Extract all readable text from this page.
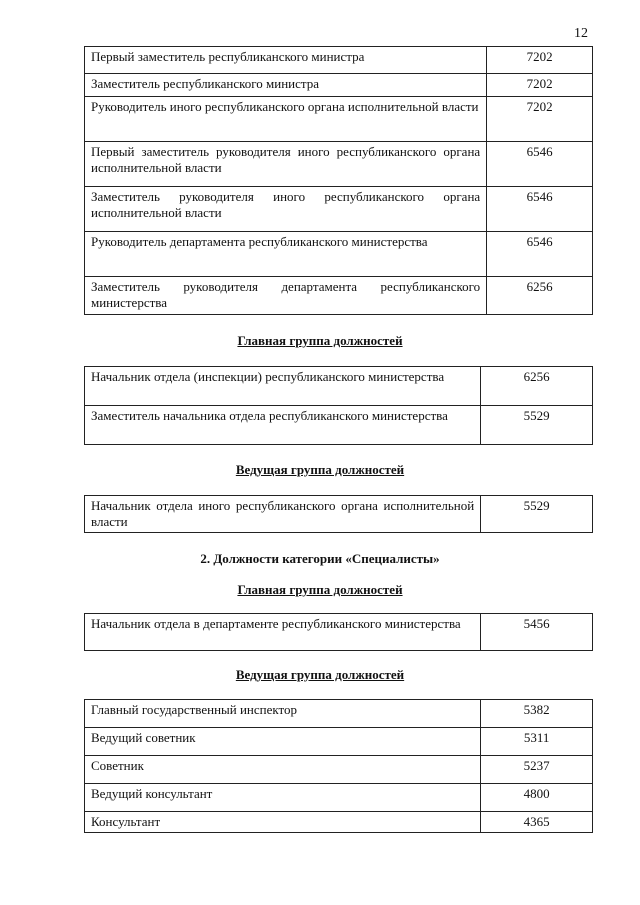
12
Первый заместитель республиканского министра	7202
Заместитель республиканского министра	7202
Руководитель иного республиканского органа исполнительной власти	7202
Первый заместитель руководителя иного республиканского органа исполнительной власти	6546
Заместитель руководителя иного республиканского органа исполнительной власти	6546
Руководитель департамента республиканского министерства	6546
Заместитель руководителя департамента республиканского министерства	6256
Главная группа должностей
Начальник отдела (инспекции) республиканского министерства	6256
Заместитель начальника отдела республиканского министерства	5529
Ведущая группа должностей
Начальник отдела иного республиканского органа исполнительной власти	5529
2. Должности категории «Специалисты»
Главная группа должностей
Начальник отдела в департаменте республиканского министерства	5456
Ведущая группа должностей
Главный государственный инспектор	5382
Ведущий советник	5311
Советник	5237
Ведущий консультант	4800
Консультант	4365
